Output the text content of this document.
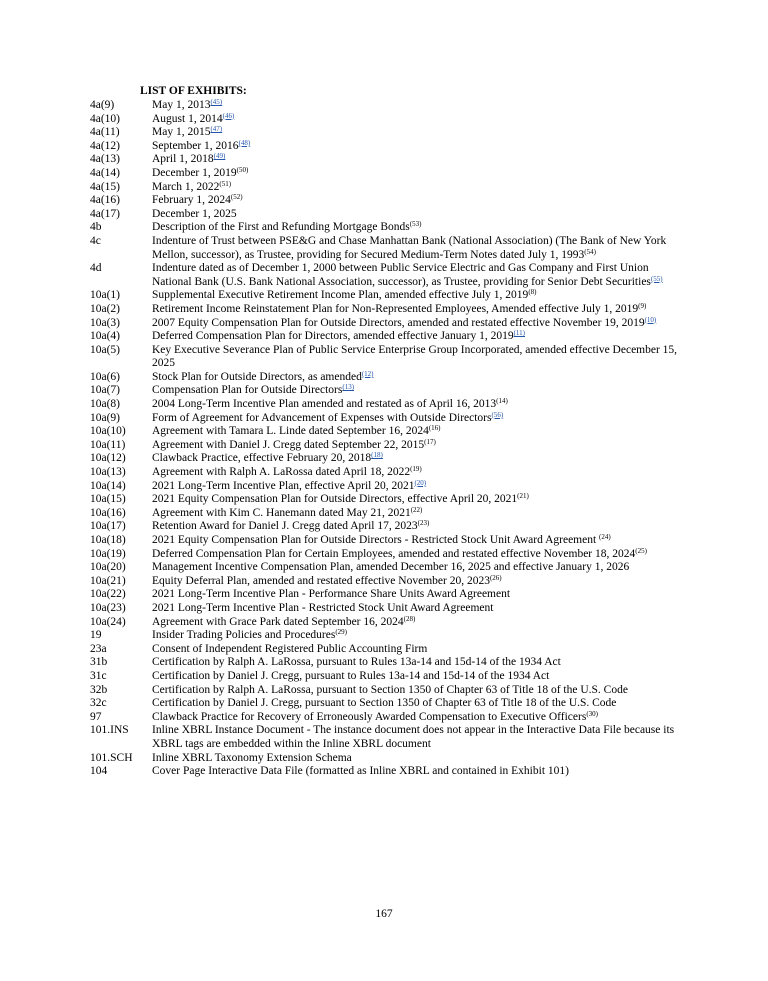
LIST OF EXHIBITS:
4a(9)	May 1, 2013$^{(45)}$
4a(10)	August 1, 2014$^{(46)}$
4a(11)	May 1, 2015$^{(47)}$
4a(12)	September 1, 2016$^{(48)}$
4a(13)	April 1, 2018$^{(49)}$
4a(14)	December 1, 2019$^{(50)}$
4a(15)	March 1, 2022$^{(51)}$
4a(16)	February 1, 2024$^{(52)}$
4a(17)	December 1, 2025
4b	Description of the First and Refunding Mortgage Bonds$^{(53)}$
4c	Indenture of Trust between PSE&G and Chase Manhattan Bank (National Association) (The Bank of New York Mellon, successor), as Trustee, providing for Secured Medium-Term Notes dated July 1, 1993$^{(54)}$
4d	Indenture dated as of December 1, 2000 between Public Service Electric and Gas Company and First Union National Bank (U.S. Bank National Association, successor), as Trustee, providing for Senior Debt Securities$^{(55)}$
10a(1)	Supplemental Executive Retirement Income Plan, amended effective July 1, 2019$^{(8)}$
10a(2)	Retirement Income Reinstatement Plan for Non-Represented Employees, Amended effective July 1, 2019$^{(9)}$
10a(3)	2007 Equity Compensation Plan for Outside Directors, amended and restated effective November 19, 2019$^{(10)}$
10a(4)	Deferred Compensation Plan for Directors, amended effective January 1, 2019$^{(11)}$
10a(5)	Key Executive Severance Plan of Public Service Enterprise Group Incorporated, amended effective December 15, 2025
10a(6)	Stock Plan for Outside Directors, as amended$^{(12)}$
10a(7)	Compensation Plan for Outside Directors$^{(13)}$
10a(8)	2004 Long-Term Incentive Plan amended and restated as of April 16, 2013$^{(14)}$
10a(9)	Form of Agreement for Advancement of Expenses with Outside Directors$^{(56)}$
10a(10)	Agreement with Tamara L. Linde dated September 16, 2024$^{(16)}$
10a(11)	Agreement with Daniel J. Cregg dated September 22, 2015$^{(17)}$
10a(12)	Clawback Practice, effective February 20, 2018$^{(18)}$
10a(13)	Agreement with Ralph A. LaRossa dated April 18, 2022$^{(19)}$
10a(14)	2021 Long-Term Incentive Plan, effective April 20, 2021$^{(20)}$
10a(15)	2021 Equity Compensation Plan for Outside Directors, effective April 20, 2021$^{(21)}$
10a(16)	Agreement with Kim C. Hanemann dated May 21, 2021$^{(22)}$
10a(17)	Retention Award for Daniel J. Cregg dated April 17, 2023$^{(23)}$
10a(18)	2021 Equity Compensation Plan for Outside Directors - Restricted Stock Unit Award Agreement $^{(24)}$
10a(19)	Deferred Compensation Plan for Certain Employees, amended and restated effective November 18, 2024$^{(25)}$
10a(20)	Management Incentive Compensation Plan, amended December 16, 2025 and effective January 1, 2026
10a(21)	Equity Deferral Plan, amended and restated effective November 20, 2023$^{(26)}$
10a(22)	2021 Long-Term Incentive Plan - Performance Share Units Award Agreement
10a(23)	2021 Long-Term Incentive Plan - Restricted Stock Unit Award Agreement
10a(24)	Agreement with Grace Park dated September 16, 2024$^{(28)}$
19	Insider Trading Policies and Procedures$^{(29)}$
23a	Consent of Independent Registered Public Accounting Firm
31b	Certification by Ralph A. LaRossa, pursuant to Rules 13a-14 and 15d-14 of the 1934 Act
31c	Certification by Daniel J. Cregg, pursuant to Rules 13a-14 and 15d-14 of the 1934 Act
32b	Certification by Ralph A. LaRossa, pursuant to Section 1350 of Chapter 63 of Title 18 of the U.S. Code
32c	Certification by Daniel J. Cregg, pursuant to Section 1350 of Chapter 63 of Title 18 of the U.S. Code
97	Clawback Practice for Recovery of Erroneously Awarded Compensation to Executive Officers$^{(30)}$
101.INS	Inline XBRL Instance Document - The instance document does not appear in the Interactive Data File because its XBRL tags are embedded within the Inline XBRL document
101.SCH	Inline XBRL Taxonomy Extension Schema
104	Cover Page Interactive Data File (formatted as Inline XBRL and contained in Exhibit 101)
167
